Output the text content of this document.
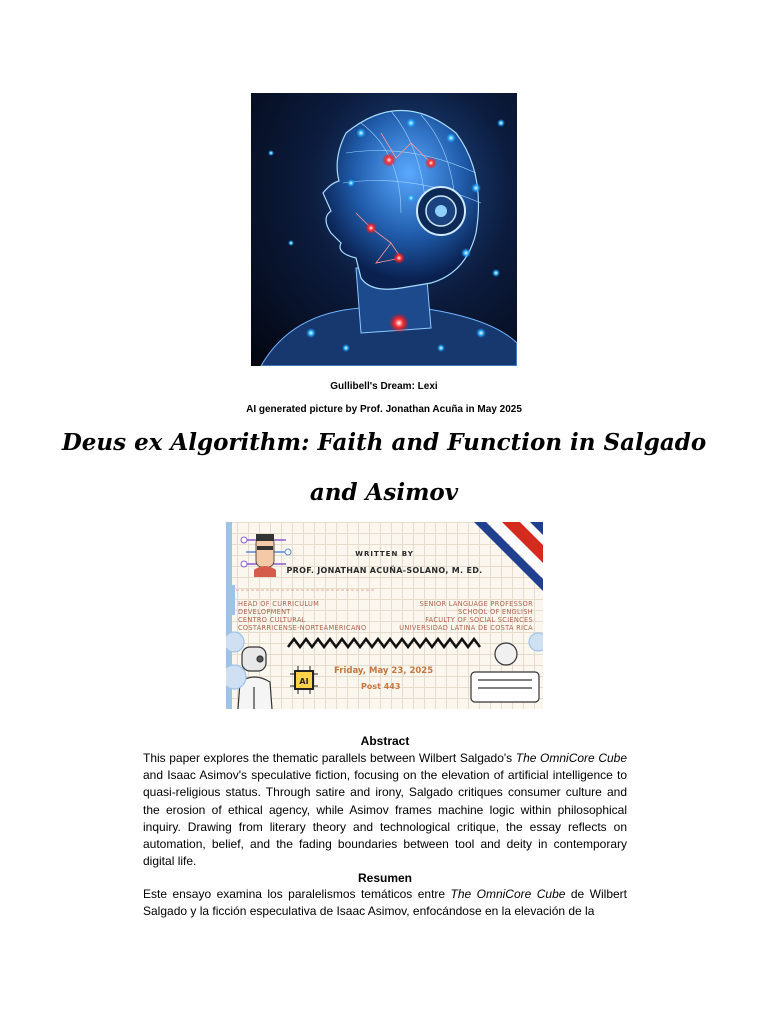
Gullibell's Dream: Lexi
AI generated picture by Prof. Jonathan Acuña in May 2025
Deus ex Algorithm: Faith and Function in Salgado
and Asimov
AI
WRITTEN BY
PROF. JONATHAN ACUÑA-SOLANO, M. ED.
HEAD OF CURRICULUM
DEVELOPMENT
CENTRO CULTURAL
COSTARRICENSE-NORTEAMERICANO
SENIOR LANGUAGE PROFESSOR
SCHOOL OF ENGLISH
FACULTY OF SOCIAL SCIENCES
UNIVERSIDAD LATINA DE COSTA RICA
Friday, May 23, 2025
Post 443
Abstract
This paper explores the thematic parallels between Wilbert Salgado's The OmniCore Cube and Isaac Asimov's speculative fiction, focusing on the elevation of artificial intelligence to quasi-religious status. Through satire and irony, Salgado critiques consumer culture and the erosion of ethical agency, while Asimov frames machine logic within philosophical inquiry. Drawing from literary theory and technological critique, the essay reflects on automation, belief, and the fading boundaries between tool and deity in contemporary digital life.
Resumen
Este ensayo examina los paralelismos temáticos entre The OmniCore Cube de Wilbert Salgado y la ficción especulativa de Isaac Asimov, enfocándose en la elevación de la
